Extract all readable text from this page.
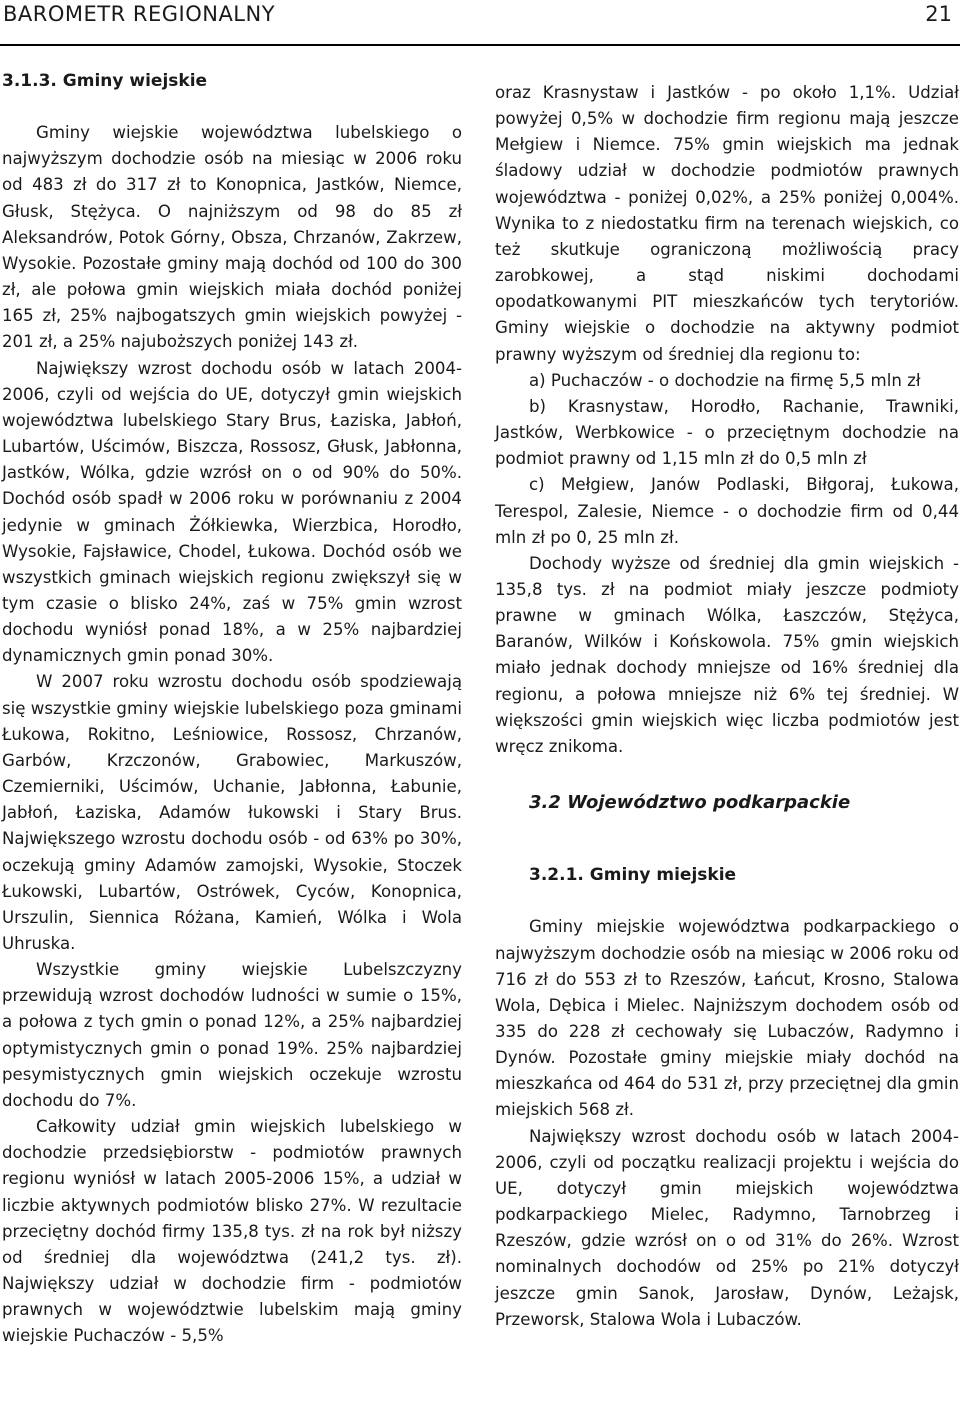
BAROMETR REGIONALNY	21

3.1.3. Gminy wiejskie

Gminy wiejskie województwa lubelskiego o najwyższym dochodzie osób na miesiąc w 2006 roku od 483 zł do 317 zł to Konopnica, Jastków, Niemce, Głusk, Stężyca. O najniższym od 98 do 85 zł Aleksandrów, Potok Górny, Obsza, Chrzanów, Zakrzew, Wysokie. Pozostałe gminy mają dochód od 100 do 300 zł, ale połowa gmin wiejskich miała dochód poniżej 165 zł, 25% najbogatszych gmin wiejskich powyżej - 201 zł, a 25% najuboższych poniżej 143 zł.

Największy wzrost dochodu osób w latach 2004-2006, czyli od wejścia do UE, dotyczył gmin wiejskich województwa lubelskiego Stary Brus, Łaziska, Jabłoń, Lubartów, Uścimów, Biszcza, Rossosz, Głusk, Jabłonna, Jastków, Wólka, gdzie wzrósł on o od 90% do 50%. Dochód osób spadł w 2006 roku w porównaniu z 2004 jedynie w gminach Żółkiewka, Wierzbica, Horodło, Wysokie, Fajsławice, Chodel, Łukowa. Dochód osób we wszystkich gminach wiejskich regionu zwiększył się w tym czasie o blisko 24%, zaś w 75% gmin wzrost dochodu wyniósł ponad 18%, a w 25% najbardziej dynamicznych gmin ponad 30%.

W 2007 roku wzrostu dochodu osób spodziewają się wszystkie gminy wiejskie lubelskiego poza gminami Łukowa, Rokitno, Leśniowice, Rossosz, Chrzanów, Garbów, Krzczonów, Grabowiec, Markuszów, Czemierniki, Uścimów, Uchanie, Jabłonna, Łabunie, Jabłoń, Łaziska, Adamów łukowski i Stary Brus. Największego wzrostu dochodu osób - od 63% po 30%, oczekują gminy Adamów zamojski, Wysokie, Stoczek Łukowski, Lubartów, Ostrówek, Cyców, Konopnica, Urszulin, Siennica Różana, Kamień, Wólka i Wola Uhruska.

Wszystkie gminy wiejskie Lubelszczyzny przewidują wzrost dochodów ludności w sumie o 15%, a połowa z tych gmin o ponad 12%, a 25% najbardziej optymistycznych gmin o ponad 19%. 25% najbardziej pesymistycznych gmin wiejskich oczekuje wzrostu dochodu do 7%.

Całkowity udział gmin wiejskich lubelskiego w dochodzie przedsiębiorstw - podmiotów prawnych regionu wyniósł w latach 2005-2006 15%, a udział w liczbie aktywnych podmiotów blisko 27%. W rezultacie przeciętny dochód firmy 135,8 tys. zł na rok był niższy od średniej dla województwa (241,2 tys. zł). Największy udział w dochodzie firm - podmiotów prawnych w województwie lubelskim mają gminy wiejskie Puchaczów - 5,5%

oraz Krasnystaw i Jastków - po około 1,1%. Udział powyżej 0,5% w dochodzie firm regionu mają jeszcze Mełgiew i Niemce. 75% gmin wiejskich ma jednak śladowy udział w dochodzie podmiotów prawnych województwa - poniżej 0,02%, a 25% poniżej 0,004%. Wynika to z niedostatku firm na terenach wiejskich, co też skutkuje ograniczoną możliwością pracy zarobkowej, a stąd niskimi dochodami opodatkowanymi PIT mieszkańców tych terytoriów. Gminy wiejskie o dochodzie na aktywny podmiot prawny wyższym od średniej dla regionu to:

a) Puchaczów - o dochodzie na firmę 5,5 mln zł

b) Krasnystaw, Horodło, Rachanie, Trawniki, Jastków, Werbkowice - o przeciętnym dochodzie na podmiot prawny od 1,15 mln zł do 0,5 mln zł

c) Mełgiew, Janów Podlaski, Biłgoraj, Łukowa, Terespol, Zalesie, Niemce - o dochodzie firm od 0,44 mln zł po 0, 25 mln zł.

Dochody wyższe od średniej dla gmin wiejskich - 135,8 tys. zł na podmiot miały jeszcze podmioty prawne w gminach Wólka, Łaszczów, Stężyca, Baranów, Wilków i Końskowola. 75% gmin wiejskich miało jednak dochody mniejsze od 16% średniej dla regionu, a połowa mniejsze niż 6% tej średniej. W większości gmin wiejskich więc liczba podmiotów jest wręcz znikoma.

3.2 Województwo podkarpackie

3.2.1. Gminy miejskie

Gminy miejskie województwa podkarpackiego o najwyższym dochodzie osób na miesiąc w 2006 roku od 716 zł do 553 zł to Rzeszów, Łańcut, Krosno, Stalowa Wola, Dębica i Mielec. Najniższym dochodem osób od 335 do 228 zł cechowały się Lubaczów, Radymno i Dynów. Pozostałe gminy miejskie miały dochód na mieszkańca od 464 do 531 zł, przy przeciętnej dla gmin miejskich 568 zł.

Największy wzrost dochodu osób w latach 2004-2006, czyli od początku realizacji projektu i wejścia do UE, dotyczył gmin miejskich województwa podkarpackiego Mielec, Radymno, Tarnobrzeg i Rzeszów, gdzie wzrósł on o od 31% do 26%. Wzrost nominalnych dochodów od 25% po 21% dotyczył jeszcze gmin Sanok, Jarosław, Dynów, Leżajsk, Przeworsk, Stalowa Wola i Lubaczów.
